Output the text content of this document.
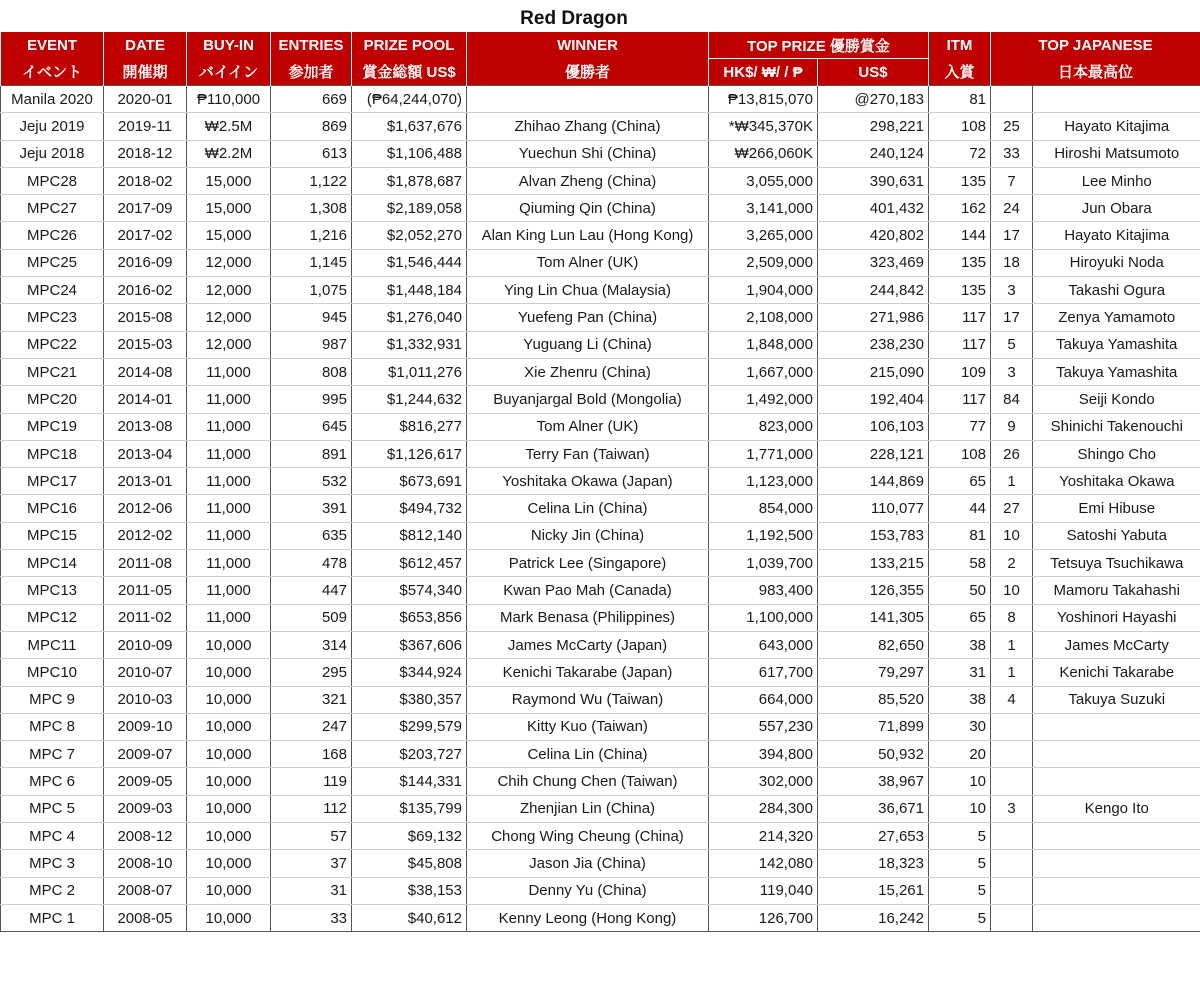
Red Dragon
EVENT	DATE	BUY-IN	ENTRIES	PRIZE POOL	WINNER	TOP PRIZE 優勝賞金		ITM	TOP JAPANESE	
イベント	開催期	バイイン	参加者	賞金総額 US$	優勝者	HK$/ ₩/ / ₱	US$	入賞	日本最高位	
Manila 2020	2020-01	₱110,000	669	(₱64,244,070)		₱13,815,070	@270,183	81		
Jeju 2019	2019-11	₩2.5M	869	$1,637,676	Zhihao Zhang (China)	*₩345,370K	298,221	108	25	Hayato Kitajima
Jeju 2018	2018-12	₩2.2M	613	$1,106,488	Yuechun Shi (China)	₩266,060K	240,124	72	33	Hiroshi Matsumoto
MPC28	2018-02	15,000	1,122	$1,878,687	Alvan Zheng (China)	3,055,000	390,631	135	7	Lee Minho
MPC27	2017-09	15,000	1,308	$2,189,058	Qiuming Qin (China)	3,141,000	401,432	162	24	Jun Obara
MPC26	2017-02	15,000	1,216	$2,052,270	Alan King Lun Lau (Hong Kong)	3,265,000	420,802	144	17	Hayato Kitajima
MPC25	2016-09	12,000	1,145	$1,546,444	Tom Alner (UK)	2,509,000	323,469	135	18	Hiroyuki Noda
MPC24	2016-02	12,000	1,075	$1,448,184	Ying Lin Chua (Malaysia)	1,904,000	244,842	135	3	Takashi Ogura
MPC23	2015-08	12,000	945	$1,276,040	Yuefeng Pan (China)	2,108,000	271,986	117	17	Zenya Yamamoto
MPC22	2015-03	12,000	987	$1,332,931	Yuguang Li (China)	1,848,000	238,230	117	5	Takuya Yamashita
MPC21	2014-08	11,000	808	$1,011,276	Xie Zhenru (China)	1,667,000	215,090	109	3	Takuya Yamashita
MPC20	2014-01	11,000	995	$1,244,632	Buyanjargal Bold (Mongolia)	1,492,000	192,404	117	84	Seiji Kondo
MPC19	2013-08	11,000	645	$816,277	Tom Alner (UK)	823,000	106,103	77	9	Shinichi Takenouchi
MPC18	2013-04	11,000	891	$1,126,617	Terry Fan (Taiwan)	1,771,000	228,121	108	26	Shingo Cho
MPC17	2013-01	11,000	532	$673,691	Yoshitaka Okawa (Japan)	1,123,000	144,869	65	1	Yoshitaka Okawa
MPC16	2012-06	11,000	391	$494,732	Celina Lin (China)	854,000	110,077	44	27	Emi Hibuse
MPC15	2012-02	11,000	635	$812,140	Nicky Jin (China)	1,192,500	153,783	81	10	Satoshi Yabuta
MPC14	2011-08	11,000	478	$612,457	Patrick Lee (Singapore)	1,039,700	133,215	58	2	Tetsuya Tsuchikawa
MPC13	2011-05	11,000	447	$574,340	Kwan Pao Mah (Canada)	983,400	126,355	50	10	Mamoru Takahashi
MPC12	2011-02	11,000	509	$653,856	Mark Benasa (Philippines)	1,100,000	141,305	65	8	Yoshinori Hayashi
MPC11	2010-09	10,000	314	$367,606	James McCarty (Japan)	643,000	82,650	38	1	James McCarty
MPC10	2010-07	10,000	295	$344,924	Kenichi Takarabe (Japan)	617,700	79,297	31	1	Kenichi Takarabe
MPC 9	2010-03	10,000	321	$380,357	Raymond Wu (Taiwan)	664,000	85,520	38	4	Takuya Suzuki
MPC 8	2009-10	10,000	247	$299,579	Kitty Kuo (Taiwan)	557,230	71,899	30		
MPC 7	2009-07	10,000	168	$203,727	Celina Lin (China)	394,800	50,932	20		
MPC 6	2009-05	10,000	119	$144,331	Chih Chung Chen (Taiwan)	302,000	38,967	10		
MPC 5	2009-03	10,000	112	$135,799	Zhenjian Lin (China)	284,300	36,671	10	3	Kengo Ito
MPC 4	2008-12	10,000	57	$69,132	Chong Wing Cheung (China)	214,320	27,653	5		
MPC 3	2008-10	10,000	37	$45,808	Jason Jia (China)	142,080	18,323	5		
MPC 2	2008-07	10,000	31	$38,153	Denny Yu (China)	119,040	15,261	5		
MPC 1	2008-05	10,000	33	$40,612	Kenny Leong (Hong Kong)	126,700	16,242	5		
